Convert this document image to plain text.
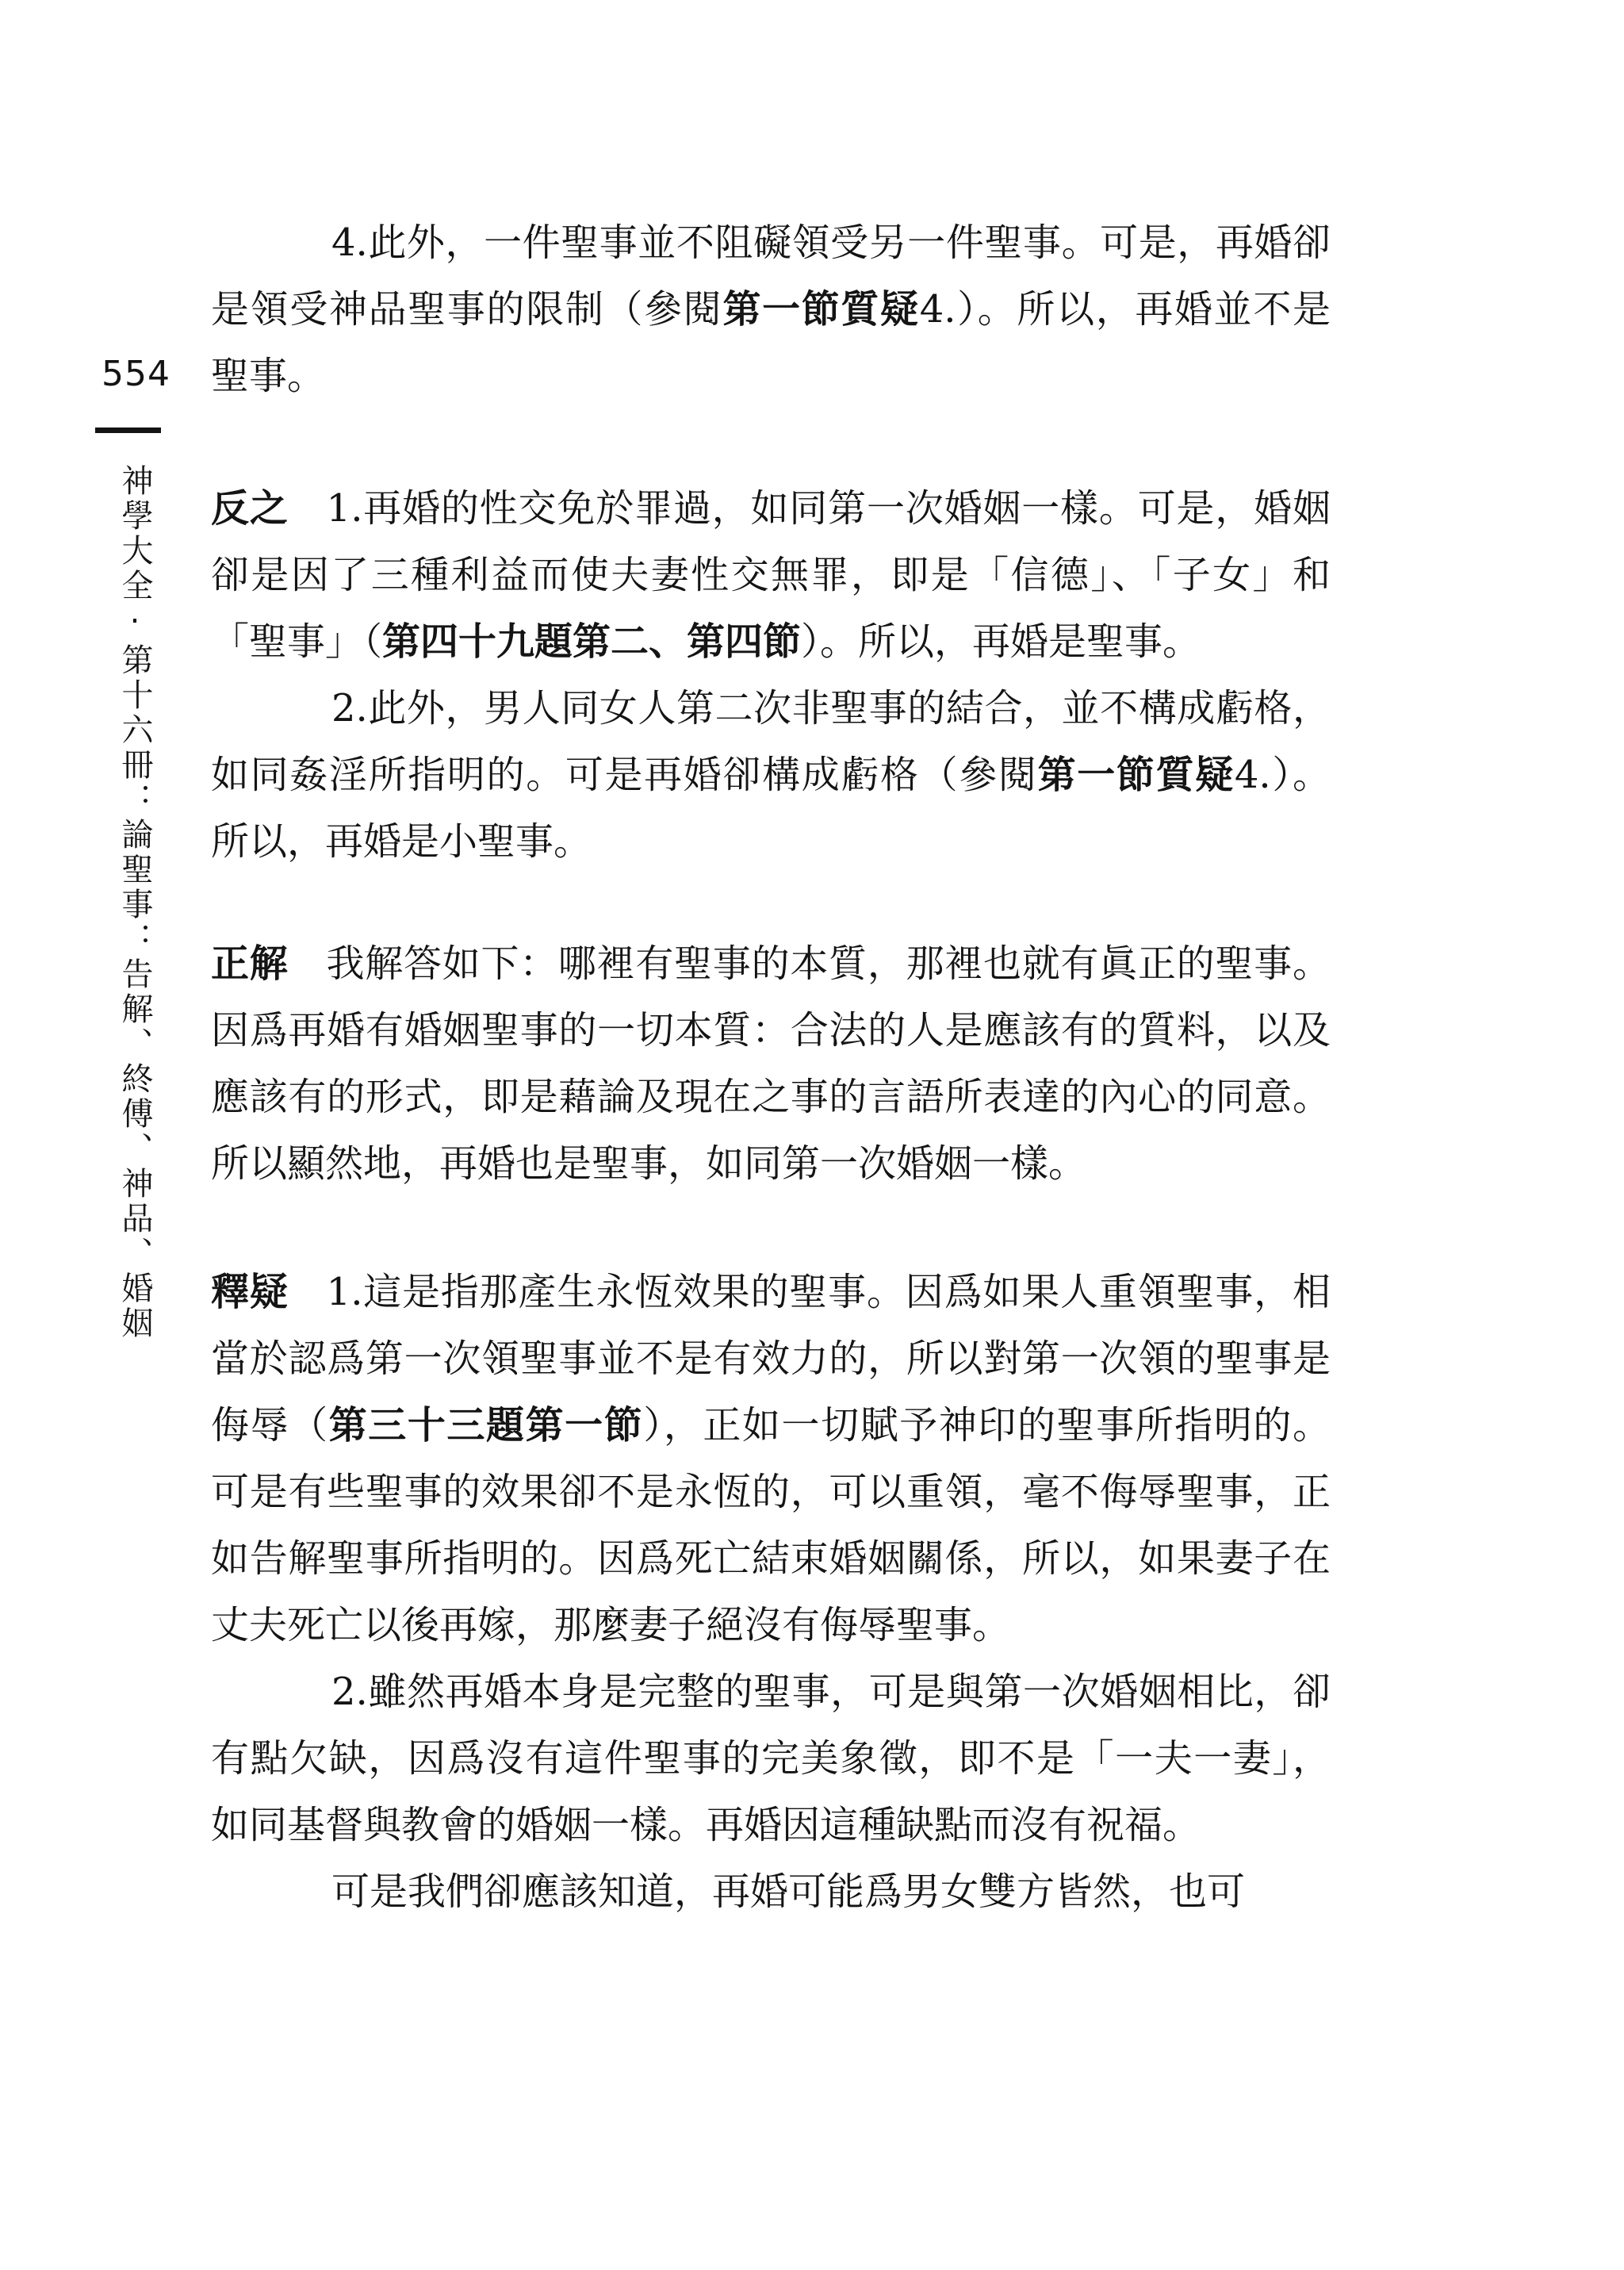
554
神學大全‧第十六冊：論聖事：告解、終傅、神品、婚姻

4.此外，一件聖事並不阻礙領受另一件聖事。可是，再婚卻是領受神品聖事的限制（參閱第一節質疑4.）。所以，再婚並不是聖事。

反之 1.再婚的性交免於罪過，如同第一次婚姻一樣。可是，婚姻卻是因了三種利益而使夫妻性交無罪，即是「信德」、「子女」和「聖事」（第四十九題第二、第四節）。所以，再婚是聖事。

2.此外，男人同女人第二次非聖事的結合，並不構成虧格，如同姦淫所指明的。可是再婚卻構成虧格（參閱第一節質疑4.）。所以，再婚是小聖事。

正解 我解答如下：哪裡有聖事的本質，那裡也就有眞正的聖事。因爲再婚有婚姻聖事的一切本質：合法的人是應該有的質料，以及應該有的形式，即是藉論及現在之事的言語所表達的內心的同意。所以顯然地，再婚也是聖事，如同第一次婚姻一樣。

釋疑 1.這是指那產生永恆效果的聖事。因爲如果人重領聖事，相當於認爲第一次領聖事並不是有效力的，所以對第一次領的聖事是侮辱（第三十三題第一節），正如一切賦予神印的聖事所指明的。可是有些聖事的效果卻不是永恆的，可以重領，毫不侮辱聖事，正如告解聖事所指明的。因爲死亡結束婚姻關係，所以，如果妻子在丈夫死亡以後再嫁，那麼妻子絕沒有侮辱聖事。

2.雖然再婚本身是完整的聖事，可是與第一次婚姻相比，卻有點欠缺，因爲沒有這件聖事的完美象徵，即不是「一夫一妻」，如同基督與教會的婚姻一樣。再婚因這種缺點而沒有祝福。

可是我們卻應該知道，再婚可能爲男女雙方皆然，也可
